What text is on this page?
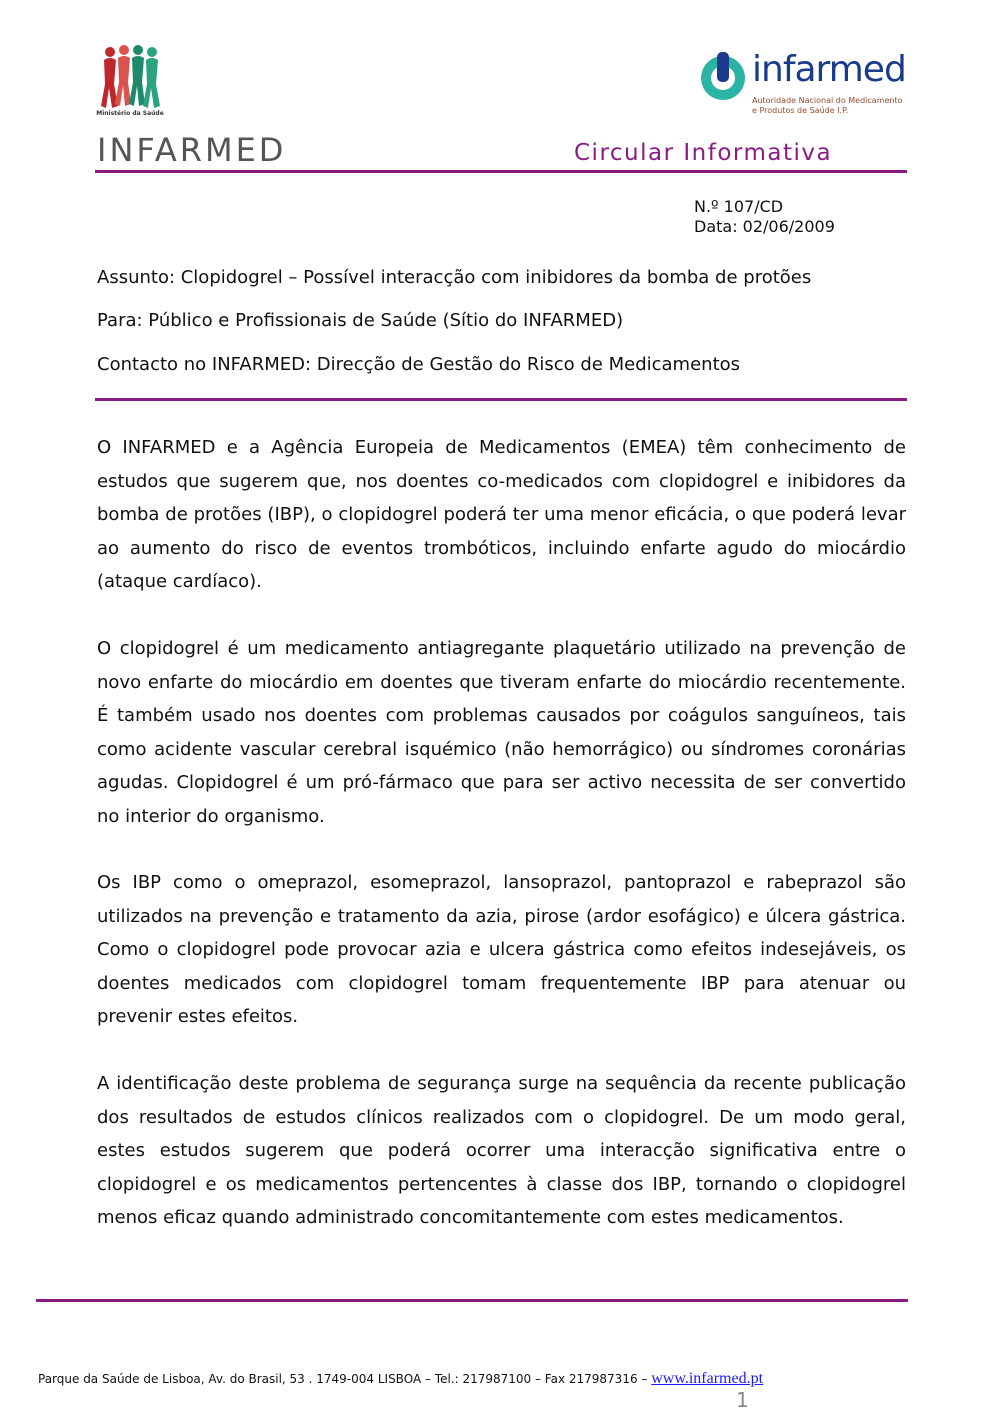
Ministério da Saúde
infarmed
Autoridade Nacional do Medicamento
e Produtos de Saúde I.P.
INFARMED	Circular Informativa
N.º 107/CD
Data: 02/06/2009
Assunto: Clopidogrel – Possível interacção com inibidores da bomba de protões
Para: Público e Profissionais de Saúde (Sítio do INFARMED)
Contacto no INFARMED: Direcção de Gestão do Risco de Medicamentos

O INFARMED e a Agência Europeia de Medicamentos (EMEA) têm conhecimento de estudos que sugerem que, nos doentes co-medicados com clopidogrel e inibidores da bomba de protões (IBP), o clopidogrel poderá ter uma menor eficácia, o que poderá levar ao aumento do risco de eventos trombóticos, incluindo enfarte agudo do miocárdio (ataque cardíaco).

O clopidogrel é um medicamento antiagregante plaquetário utilizado na prevenção de novo enfarte do miocárdio em doentes que tiveram enfarte do miocárdio recentemente. É também usado nos doentes com problemas causados por coágulos sanguíneos, tais como acidente vascular cerebral isquémico (não hemorrágico) ou síndromes coronárias agudas. Clopidogrel é um pró-fármaco que para ser activo necessita de ser convertido no interior do organismo.

Os IBP como o omeprazol, esomeprazol, lansoprazol, pantoprazol e rabeprazol são utilizados na prevenção e tratamento da azia, pirose (ardor esofágico) e úlcera gástrica. Como o clopidogrel pode provocar azia e ulcera gástrica como efeitos indesejáveis, os doentes medicados com clopidogrel tomam frequentemente IBP para atenuar ou prevenir estes efeitos.

A identificação deste problema de segurança surge na sequência da recente publicação dos resultados de estudos clínicos realizados com o clopidogrel. De um modo geral, estes estudos sugerem que poderá ocorrer uma interacção significativa entre o clopidogrel e os medicamentos pertencentes à classe dos IBP, tornando o clopidogrel menos eficaz quando administrado concomitantemente com estes medicamentos.

Parque da Saúde de Lisboa, Av. do Brasil, 53 . 1749-004 LISBOA – Tel.: 217987100 – Fax 217987316 – www.infarmed.pt
1
